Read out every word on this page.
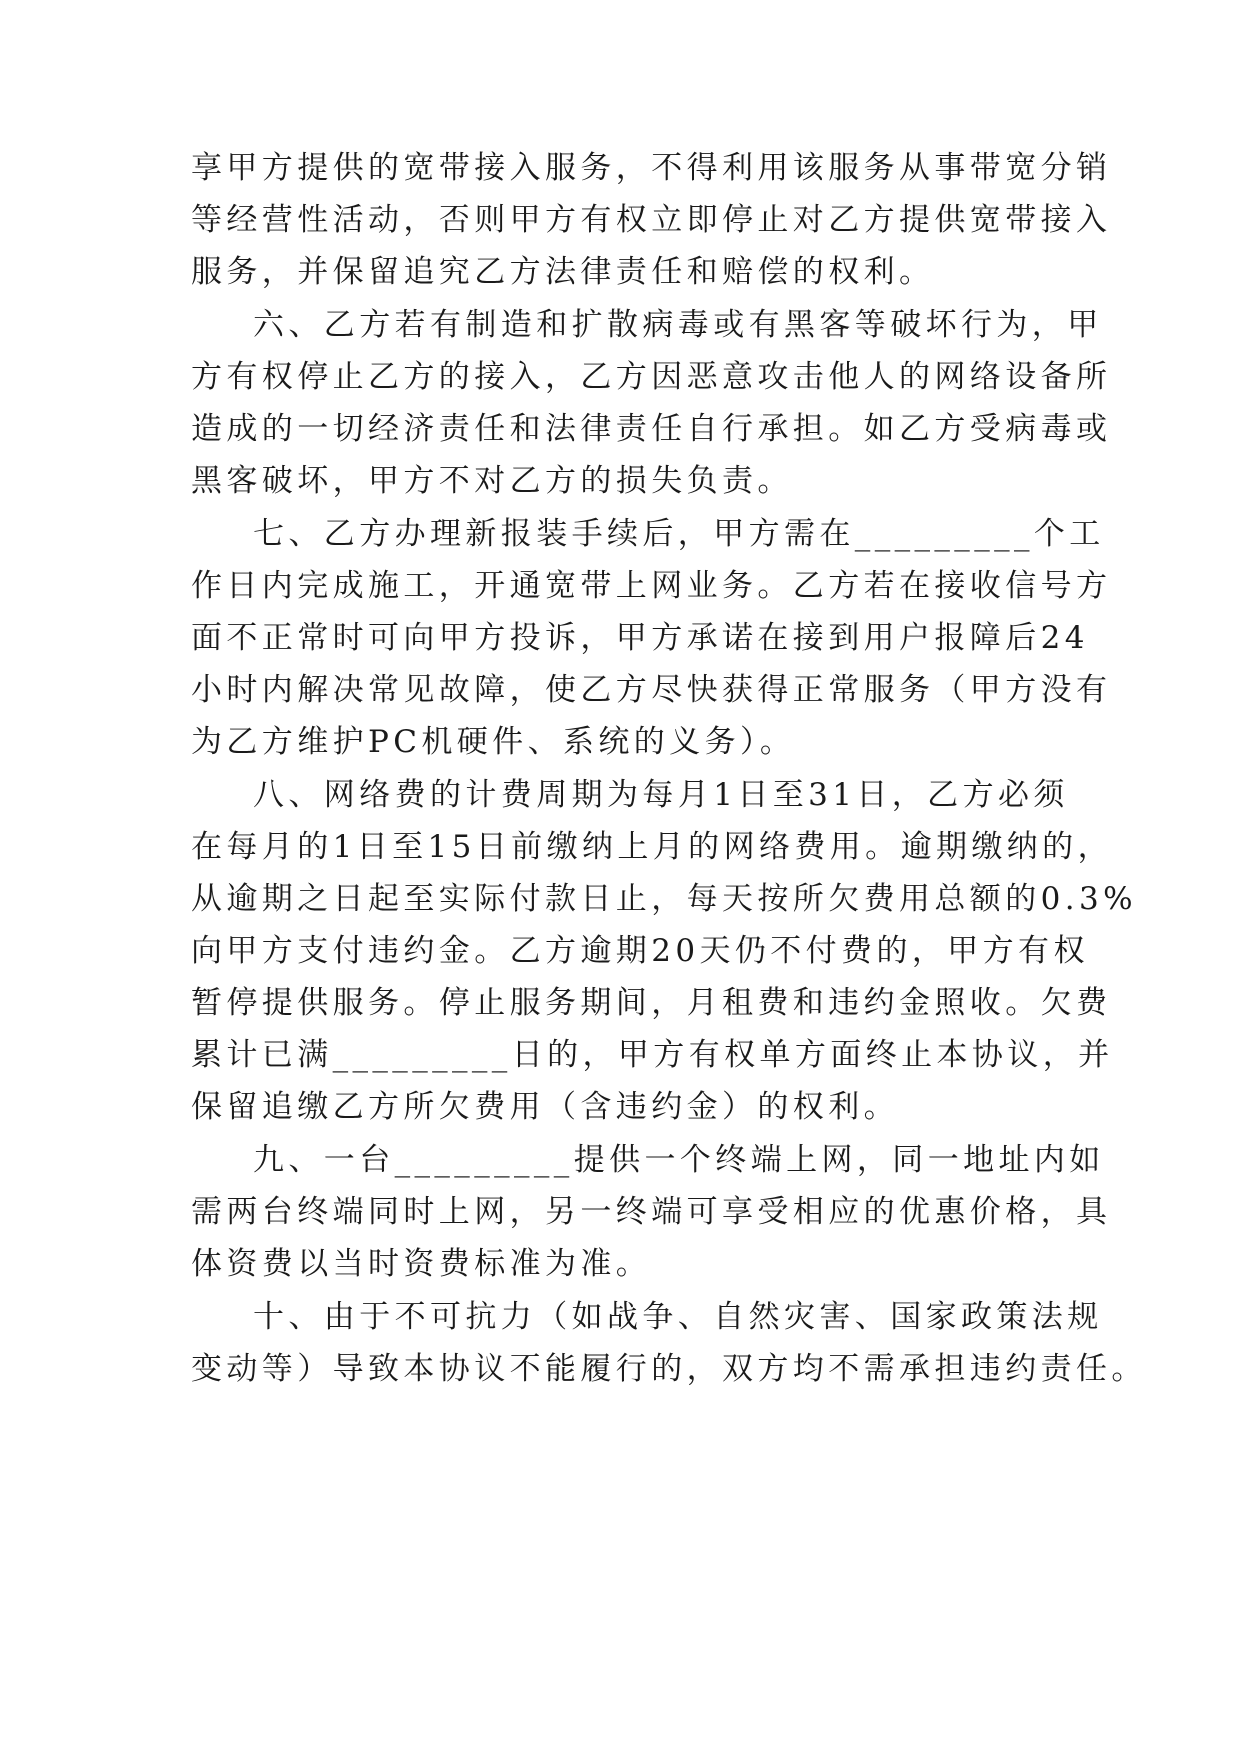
享甲方提供的宽带接入服务，不得利用该服务从事带宽分销
等经营性活动，否则甲方有权立即停止对乙方提供宽带接入
服务，并保留追究乙方法律责任和赔偿的权利。
六、乙方若有制造和扩散病毒或有黑客等破坏行为，甲
方有权停止乙方的接入，乙方因恶意攻击他人的网络设备所
造成的一切经济责任和法律责任自行承担。如乙方受病毒或
黑客破坏，甲方不对乙方的损失负责。
七、乙方办理新报装手续后，甲方需在_________个工
作日内完成施工，开通宽带上网业务。乙方若在接收信号方
面不正常时可向甲方投诉，甲方承诺在接到用户报障后24
小时内解决常见故障，使乙方尽快获得正常服务（甲方没有
为乙方维护PC机硬件、系统的义务）。
八、网络费的计费周期为每月1日至31日，乙方必须
在每月的1日至15日前缴纳上月的网络费用。逾期缴纳的，
从逾期之日起至实际付款日止，每天按所欠费用总额的0.3%
向甲方支付违约金。乙方逾期20天仍不付费的，甲方有权
暂停提供服务。停止服务期间，月租费和违约金照收。欠费
累计已满_________日的，甲方有权单方面终止本协议，并
保留追缴乙方所欠费用（含违约金）的权利。
九、一台_________提供一个终端上网，同一地址内如
需两台终端同时上网，另一终端可享受相应的优惠价格，具
体资费以当时资费标准为准。
十、由于不可抗力（如战争、自然灾害、国家政策法规
变动等）导致本协议不能履行的，双方均不需承担违约责任。
